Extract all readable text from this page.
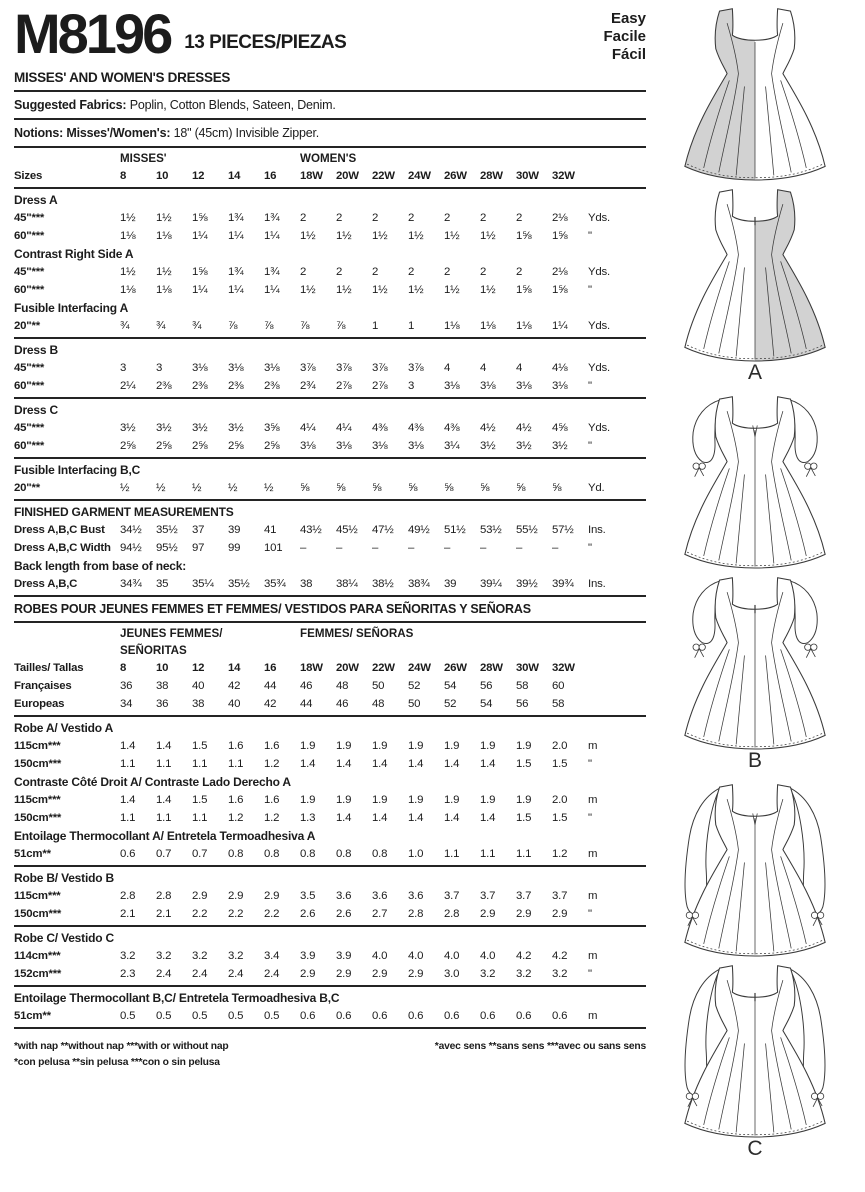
M8196 13 PIECES/PIEZAS
Easy
Facile
Fácil
MISSES' AND WOMEN'S DRESSES
Suggested Fabrics: Poplin, Cotton Blends, Sateen, Denim.
Notions: Misses'/Women's: 18" (45cm) Invisible Zipper.
MISSES'	WOMEN'S
Sizes	8	10	12	14	16	18W	20W	22W	24W	26W	28W	30W	32W
Dress A
45"***	1½	1½	1⅝	1¾	1¾	2	2	2	2	2	2	2	2⅛	Yds.
60"***	1⅛	1⅛	1¼	1¼	1¼	1½	1½	1½	1½	1½	1½	1⅝	1⅝	"
Contrast Right Side A
45"***	1½	1½	1⅝	1¾	1¾	2	2	2	2	2	2	2	2⅛	Yds.
60"***	1⅛	1⅛	1¼	1¼	1¼	1½	1½	1½	1½	1½	1½	1⅝	1⅝	"
Fusible Interfacing A
20"**	¾	¾	¾	⅞	⅞	⅞	⅞	1	1	1⅛	1⅛	1⅛	1¼	Yds.
Dress B
45"***	3	3	3⅛	3⅛	3⅛	3⅞	3⅞	3⅞	3⅞	4	4	4	4⅛	Yds.
60"***	2¼	2⅜	2⅜	2⅜	2⅜	2¾	2⅞	2⅞	3	3⅛	3⅛	3⅛	3⅛	"
Dress C
45"***	3½	3½	3½	3½	3⅝	4¼	4¼	4⅜	4⅜	4⅜	4½	4½	4⅝	Yds.
60"***	2⅝	2⅝	2⅝	2⅝	2⅝	3⅛	3⅛	3⅛	3⅛	3¼	3½	3½	3½	"
Fusible Interfacing B,C
20"**	½	½	½	½	½	⅝	⅝	⅝	⅝	⅝	⅝	⅝	⅝	Yd.
FINISHED GARMENT MEASUREMENTS
Dress A,B,C Bust	34½	35½	37	39	41	43½	45½	47½	49½	51½	53½	55½	57½	Ins.
Dress A,B,C Width 94½	95½	97	99	101	–	–	–	–	–	–	–	–	"
Back length from base of neck:
Dress A,B,C	34¾	35	35¼	35½	35¾	38	38¼	38½	38¾	39	39¼	39½	39¾	Ins.
ROBES POUR JEUNES FEMMES ET FEMMES/ VESTIDOS PARA SEÑORITAS Y SEÑORAS
JEUNES FEMMES/
SEÑORITAS
FEMMES/ SEÑORAS
Tailles/ Tallas	8	10	12	14	16	18W	20W	22W	24W	26W	28W	30W	32W
Françaises	36	38	40	42	44	46	48	50	52	54	56	58	60
Europeas	34	36	38	40	42	44	46	48	50	52	54	56	58
Robe A/ Vestido A
115cm***	1.4	1.4	1.5	1.6	1.6	1.9	1.9	1.9	1.9	1.9	1.9	1.9	2.0	m
150cm***	1.1	1.1	1.1	1.1	1.2	1.4	1.4	1.4	1.4	1.4	1.4	1.5	1.5	"
Contraste Côté Droit A/ Contraste Lado Derecho A
115cm***	1.4	1.4	1.5	1.6	1.6	1.9	1.9	1.9	1.9	1.9	1.9	1.9	2.0	m
150cm***	1.1	1.1	1.1	1.2	1.2	1.3	1.4	1.4	1.4	1.4	1.4	1.5	1.5	"
Entoilage Thermocollant A/ Entretela Termoadhesiva A
51cm**	0.6	0.7	0.7	0.8	0.8	0.8	0.8	0.8	1.0	1.1	1.1	1.1	1.2	m
Robe B/ Vestido B
115cm***	2.8	2.8	2.9	2.9	2.9	3.5	3.6	3.6	3.6	3.7	3.7	3.7	3.7	m
150cm***	2.1	2.1	2.2	2.2	2.2	2.6	2.6	2.7	2.8	2.8	2.9	2.9	2.9	"
Robe C/ Vestido C
114cm***	3.2	3.2	3.2	3.2	3.4	3.9	3.9	4.0	4.0	4.0	4.0	4.2	4.2	m
152cm***	2.3	2.4	2.4	2.4	2.4	2.9	2.9	2.9	2.9	3.0	3.2	3.2	3.2	"
Entoilage Thermocollant B,C/ Entretela Termoadhesiva B,C
51cm**	0.5	0.5	0.5	0.5	0.5	0.6	0.6	0.6	0.6	0.6	0.6	0.6	0.6	m
*with nap **without nap ***with or without nap
*con pelusa **sin pelusa ***con o sin pelusa
*avec sens **sans sens ***avec ou sans sens
A
B
C
